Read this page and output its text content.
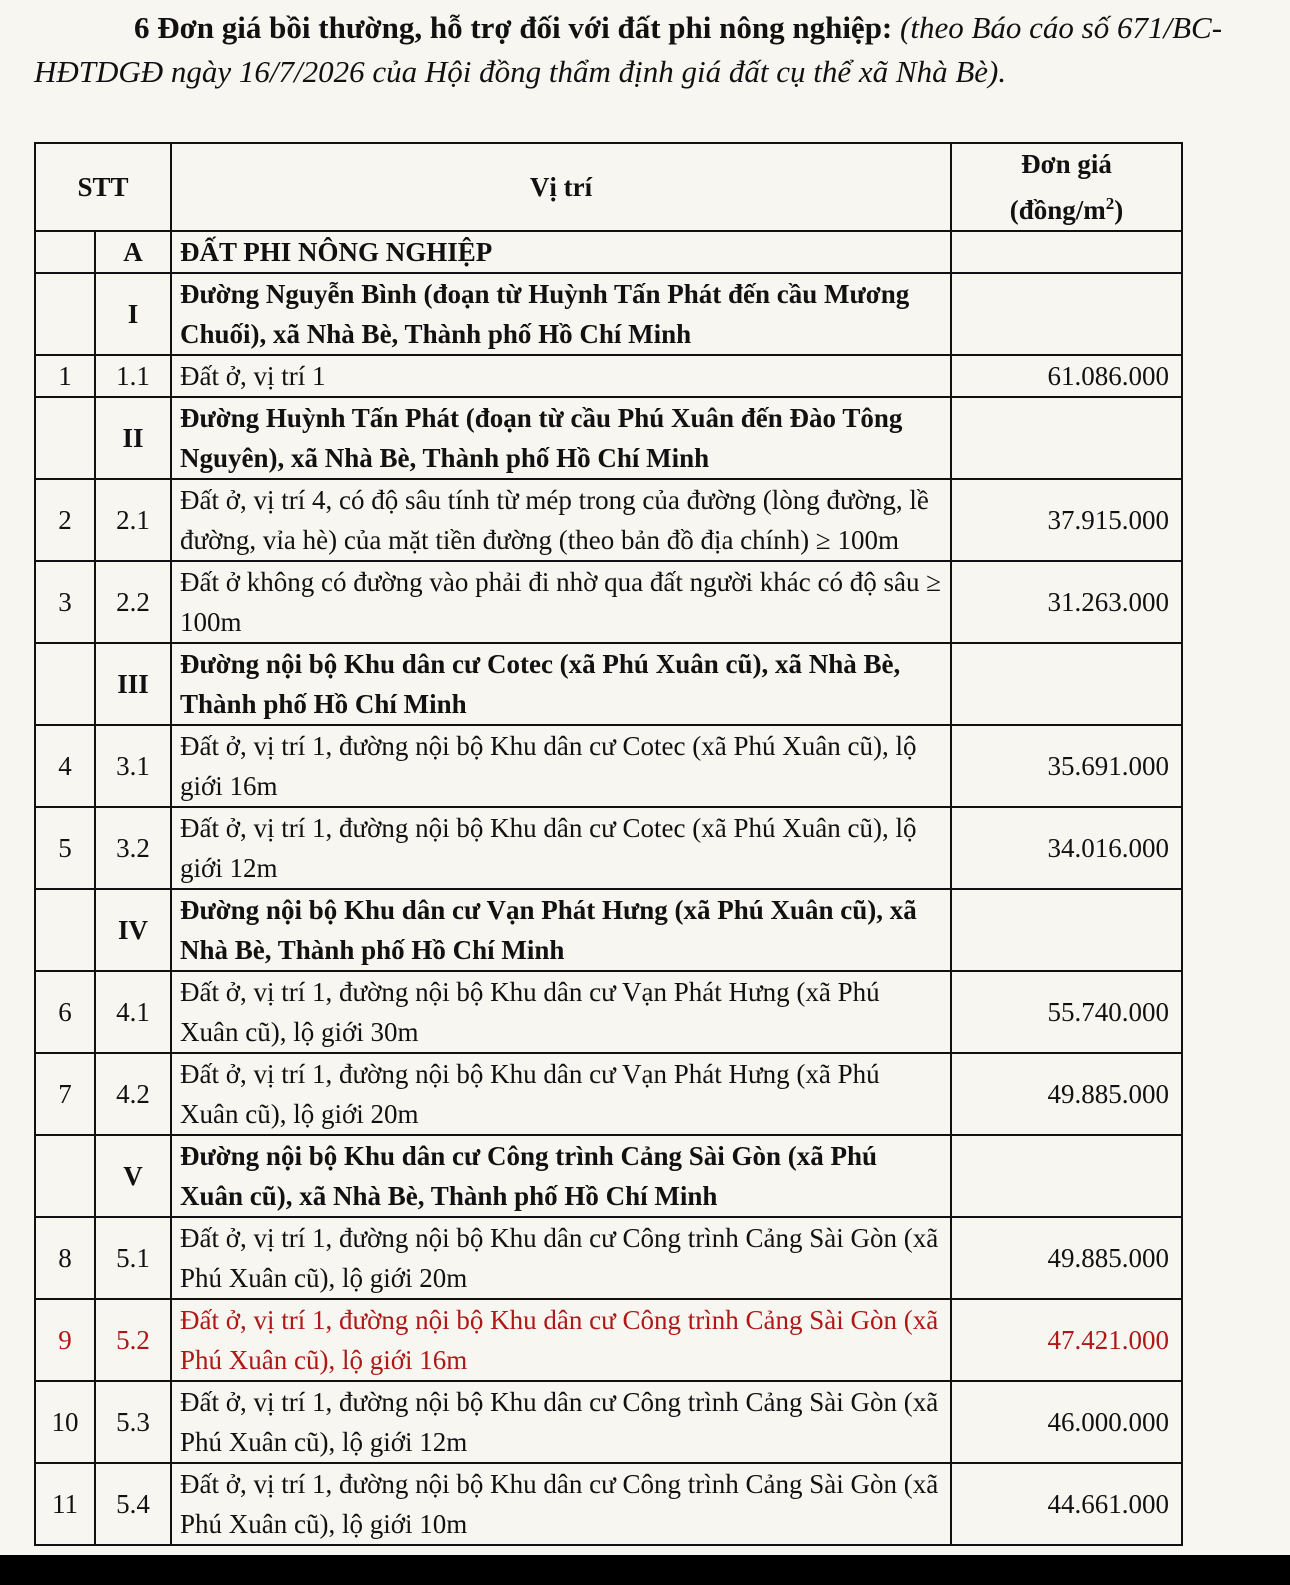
6 Đơn giá bồi thường, hỗ trợ đối với đất phi nông nghiệp: (theo Báo cáo số 671/BC-HĐTDGĐ ngày 16/7/2026 của Hội đồng thẩm định giá đất cụ thể xã Nhà Bè).
STT		Vị trí	Đơn giá
$(đồng/m^2)$
	A	ĐẤT PHI NÔNG NGHIỆP	
	I	Đường Nguyễn Bình (đoạn từ Huỳnh Tấn Phát đến cầu Mương Chuối), xã Nhà Bè, Thành phố Hồ Chí Minh	
1	1.1	Đất ở, vị trí 1	61.086.000
	II	Đường Huỳnh Tấn Phát (đoạn từ cầu Phú Xuân đến Đào Tông Nguyên), xã Nhà Bè, Thành phố Hồ Chí Minh	
2	2.1	Đất ở, vị trí 4, có độ sâu tính từ mép trong của đường (lòng đường, lề đường, vỉa hè) của mặt tiền đường (theo bản đồ địa chính) ≥ 100m	37.915.000
3	2.2	Đất ở không có đường vào phải đi nhờ qua đất người khác có độ sâu ≥ 100m	31.263.000
	III	Đường nội bộ Khu dân cư Cotec (xã Phú Xuân cũ), xã Nhà Bè, Thành phố Hồ Chí Minh	
4	3.1	Đất ở, vị trí 1, đường nội bộ Khu dân cư Cotec (xã Phú Xuân cũ), lộ giới 16m	35.691.000
5	3.2	Đất ở, vị trí 1, đường nội bộ Khu dân cư Cotec (xã Phú Xuân cũ), lộ giới 12m	34.016.000
	IV	Đường nội bộ Khu dân cư Vạn Phát Hưng (xã Phú Xuân cũ), xã Nhà Bè, Thành phố Hồ Chí Minh	
6	4.1	Đất ở, vị trí 1, đường nội bộ Khu dân cư Vạn Phát Hưng (xã Phú Xuân cũ), lộ giới 30m	55.740.000
7	4.2	Đất ở, vị trí 1, đường nội bộ Khu dân cư Vạn Phát Hưng (xã Phú Xuân cũ), lộ giới 20m	49.885.000
	V	Đường nội bộ Khu dân cư Công trình Cảng Sài Gòn (xã Phú Xuân cũ), xã Nhà Bè, Thành phố Hồ Chí Minh	
8	5.1	Đất ở, vị trí 1, đường nội bộ Khu dân cư Công trình Cảng Sài Gòn (xã Phú Xuân cũ), lộ giới 20m	49.885.000
9	5.2	Đất ở, vị trí 1, đường nội bộ Khu dân cư Công trình Cảng Sài Gòn (xã Phú Xuân cũ), lộ giới 16m	47.421.000
10	5.3	Đất ở, vị trí 1, đường nội bộ Khu dân cư Công trình Cảng Sài Gòn (xã Phú Xuân cũ), lộ giới 12m	46.000.000
11	5.4	Đất ở, vị trí 1, đường nội bộ Khu dân cư Công trình Cảng Sài Gòn (xã Phú Xuân cũ), lộ giới 10m	44.661.000
